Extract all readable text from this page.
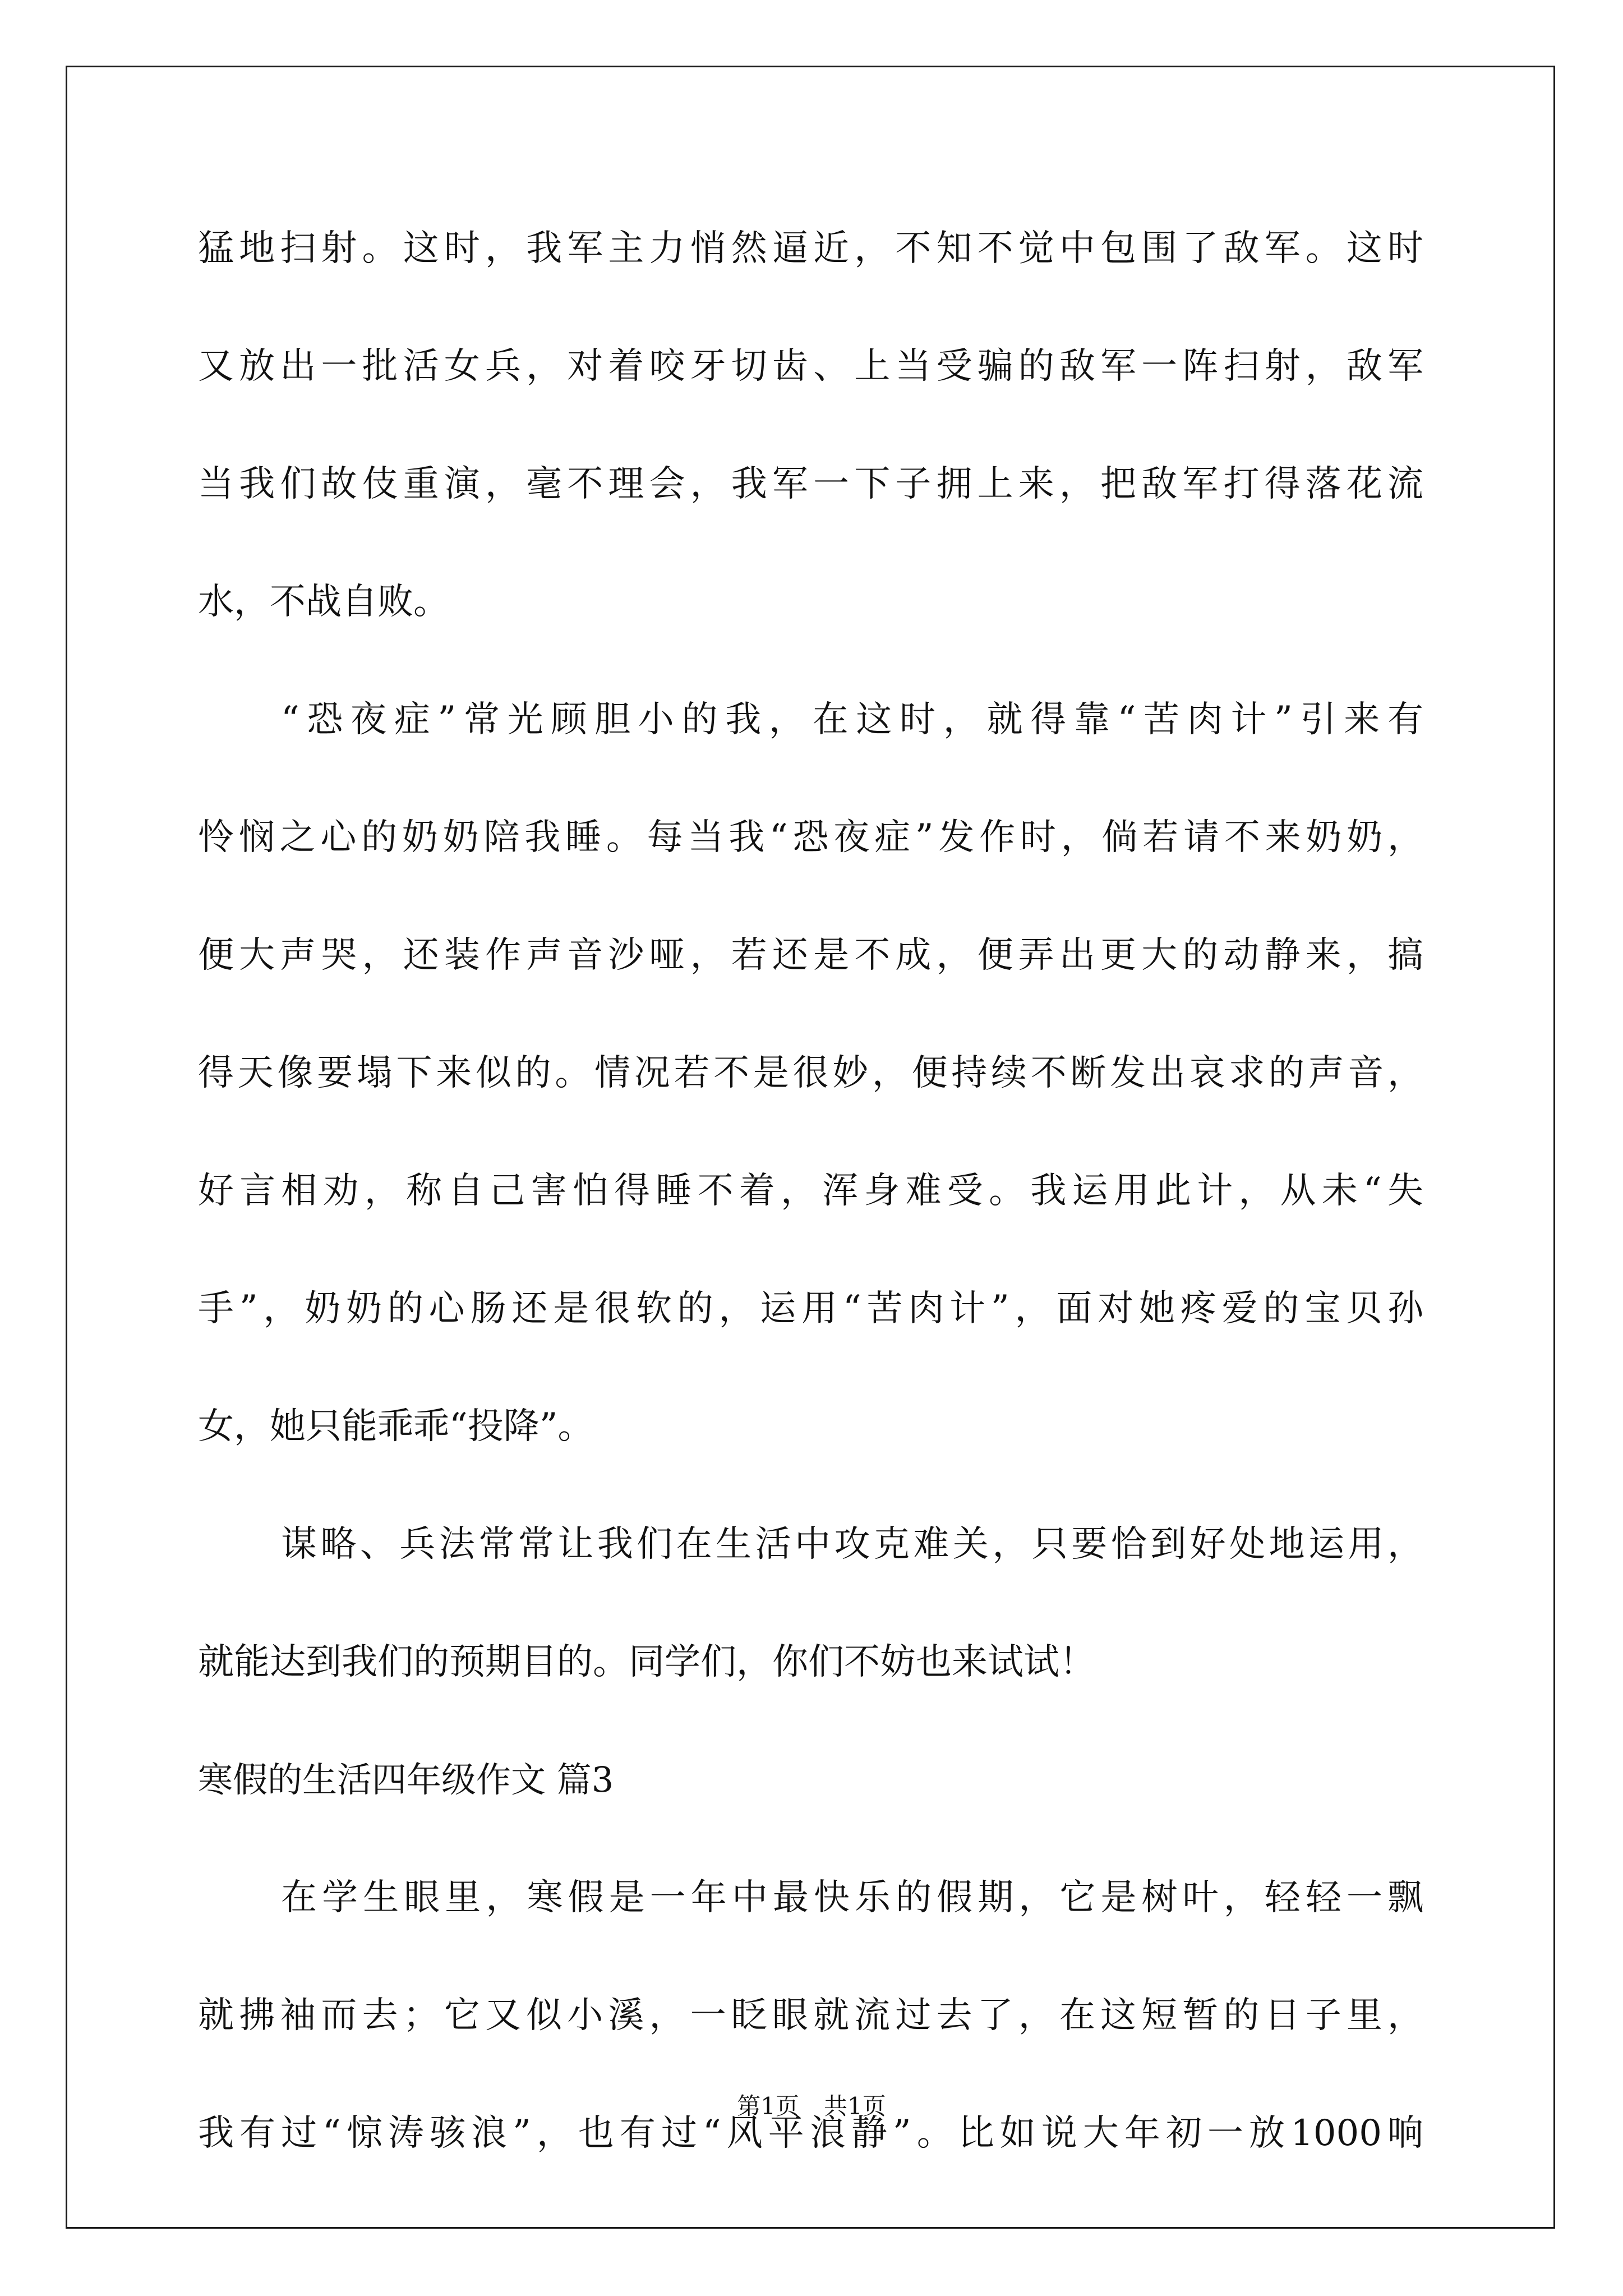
猛地扫射。这时，我军主力悄然逼近，不知不觉中包围了敌军。这时
又放出一批活女兵，对着咬牙切齿、上当受骗的敌军一阵扫射，敌军
当我们故伎重演，毫不理会，我军一下子拥上来，把敌军打得落花流
水，不战自败。
“恐夜症”常光顾胆小的我，在这时，就得靠“苦肉计”引来有
怜悯之心的奶奶陪我睡。每当我“恐夜症”发作时，倘若请不来奶奶，
便大声哭，还装作声音沙哑，若还是不成，便弄出更大的动静来，搞
得天像要塌下来似的。情况若不是很妙，便持续不断发出哀求的声音，
好言相劝，称自己害怕得睡不着，浑身难受。我运用此计，从未“失
手”，奶奶的心肠还是很软的，运用“苦肉计”，面对她疼爱的宝贝孙
女，她只能乖乖“投降”。
谋略、兵法常常让我们在生活中攻克难关，只要恰到好处地运用，
就能达到我们的预期目的。同学们，你们不妨也来试试！
寒假的生活四年级作文 篇3
在学生眼里，寒假是一年中最快乐的假期，它是树叶，轻轻一飘
就拂袖而去；它又似小溪，一眨眼就流过去了，在这短暂的日子里，
我有过“惊涛骇浪”，也有过“风平浪静”。比如说大年初一放1000响
第1页 共1页
